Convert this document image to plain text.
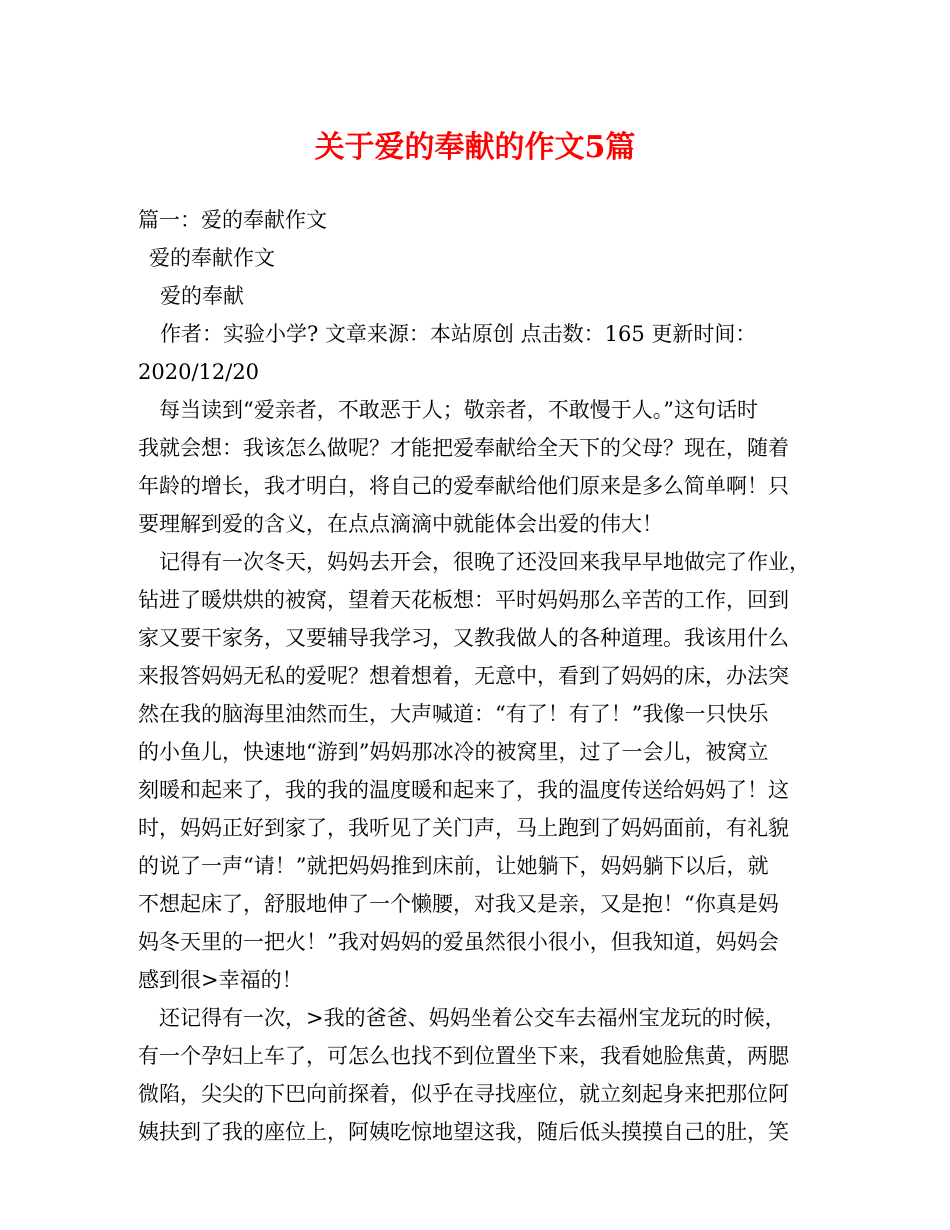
关于爱的奉献的作文5篇
篇一：爱的奉献作文
爱的奉献作文
爱的奉献
作者：实验小学? 文章来源：本站原创 点击数：165 更新时间：
2020/12/20
每当读到“爱亲者，不敢恶于人；敬亲者，不敢慢于人。”这句话时
我就会想：我该怎么做呢？才能把爱奉献给全天下的父母？现在，随着
年龄的增长，我才明白，将自己的爱奉献给他们原来是多么简单啊！只
要理解到爱的含义，在点点滴滴中就能体会出爱的伟大！
记得有一次冬天，妈妈去开会，很晚了还没回来我早早地做完了作业，
钻进了暖烘烘的被窝，望着天花板想：平时妈妈那么辛苦的工作，回到
家又要干家务，又要辅导我学习，又教我做人的各种道理。我该用什么
来报答妈妈无私的爱呢？想着想着，无意中，看到了妈妈的床，办法突
然在我的脑海里油然而生，大声喊道：“有了！有了！”我像一只快乐
的小鱼儿，快速地“游到”妈妈那冰冷的被窝里，过了一会儿，被窝立
刻暖和起来了，我的我的温度暖和起来了，我的温度传送给妈妈了！这
时，妈妈正好到家了，我听见了关门声，马上跑到了妈妈面前，有礼貌
的说了一声“请！”就把妈妈推到床前，让她躺下，妈妈躺下以后，就
不想起床了，舒服地伸了一个懒腰，对我又是亲，又是抱！“你真是妈
妈冬天里的一把火！”我对妈妈的爱虽然很小很小，但我知道，妈妈会
感到很>幸福的！
还记得有一次，>我的爸爸、妈妈坐着公交车去福州宝龙玩的时候，
有一个孕妇上车了，可怎么也找不到位置坐下来，我看她脸焦黄，两腮
微陷，尖尖的下巴向前探着，似乎在寻找座位，就立刻起身来把那位阿
姨扶到了我的座位上，阿姨吃惊地望这我，随后低头摸摸自己的肚，笑
